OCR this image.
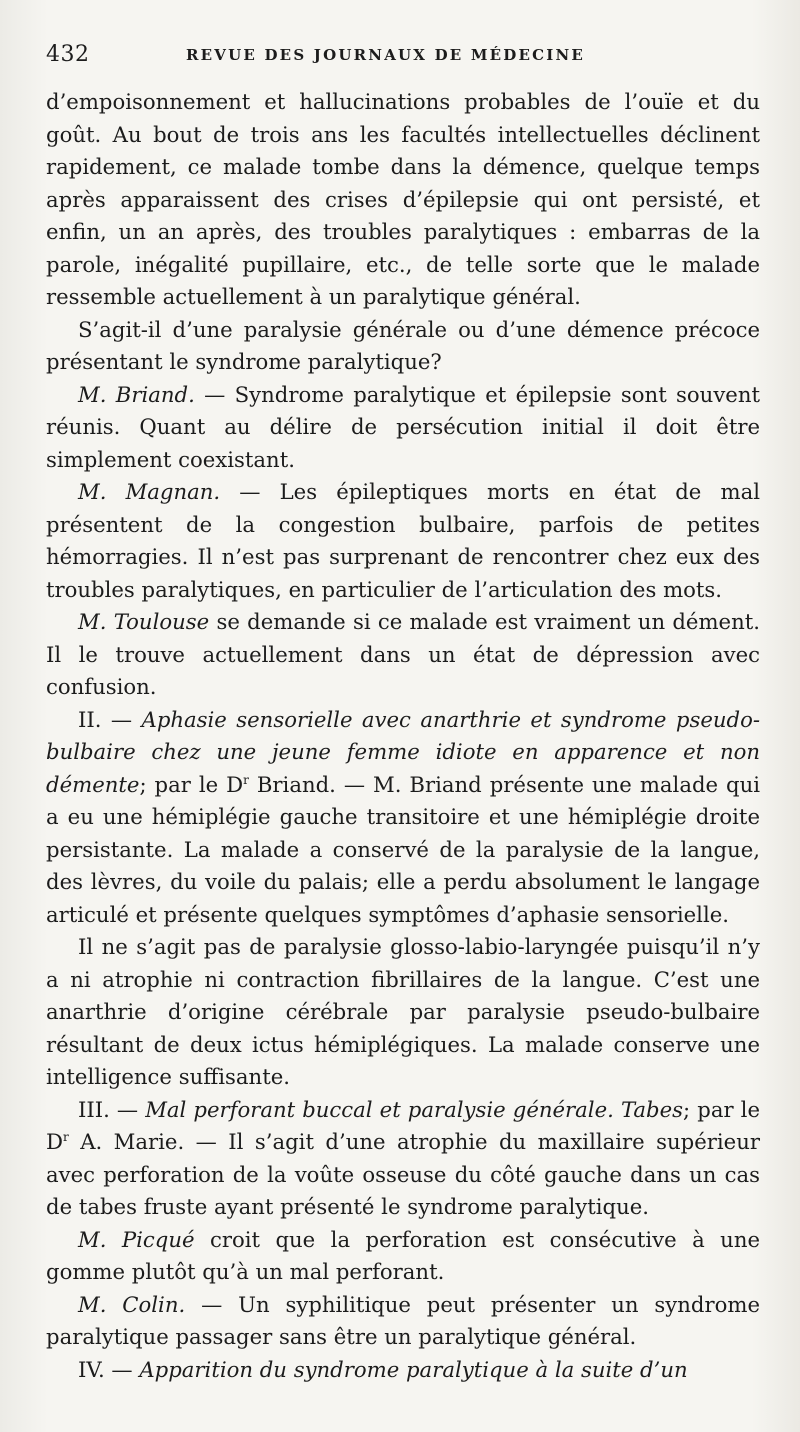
432	REVUE DES JOURNAUX DE MÉDECINE

d’empoisonnement et hallucinations probables de l’ouïe et du goût. Au bout de trois ans les facultés intellectuelles déclinent rapidement, ce malade tombe dans la démence, quelque temps après apparaissent des crises d’épilepsie qui ont persisté, et enfin, un an après, des troubles paralytiques : embarras de la parole, inégalité pupillaire, etc., de telle sorte que le malade ressemble actuellement à un paralytique général.

S’agit-il d’une paralysie générale ou d’une démence précoce présentant le syndrome paralytique?

M. Briand. — Syndrome paralytique et épilepsie sont souvent réunis. Quant au délire de persécution initial il doit être simplement coexistant.

M. Magnan. — Les épileptiques morts en état de mal présentent de la congestion bulbaire, parfois de petites hémorragies. Il n’est pas surprenant de rencontrer chez eux des troubles paralytiques, en particulier de l’articulation des mots.

M. Toulouse se demande si ce malade est vraiment un dément. Il le trouve actuellement dans un état de dépression avec confusion.

II. — Aphasie sensorielle avec anarthrie et syndrome pseudo-bulbaire chez une jeune femme idiote en apparence et non démente; par le $D^r$ Briand. — M. Briand présente une malade qui a eu une hémiplégie gauche transitoire et une hémiplégie droite persistante. La malade a conservé de la paralysie de la langue, des lèvres, du voile du palais; elle a perdu absolument le langage articulé et présente quelques symptômes d’aphasie sensorielle.

Il ne s’agit pas de paralysie glosso-labio-laryngée puisqu’il n’y a ni atrophie ni contraction fibrillaires de la langue. C’est une anarthrie d’origine cérébrale par paralysie pseudo-bulbaire résultant de deux ictus hémiplégiques. La malade conserve une intelligence suffisante.

III. — Mal perforant buccal et paralysie générale. Tabes; par le $D^r$ A. Marie. — Il s’agit d’une atrophie du maxillaire supérieur avec perforation de la voûte osseuse du côté gauche dans un cas de tabes fruste ayant présenté le syndrome paralytique.

M. Picqué croit que la perforation est consécutive à une gomme plutôt qu’à un mal perforant.

M. Colin. — Un syphilitique peut présenter un syndrome paralytique passager sans être un paralytique général.

IV. — Apparition du syndrome paralytique à la suite d’un
